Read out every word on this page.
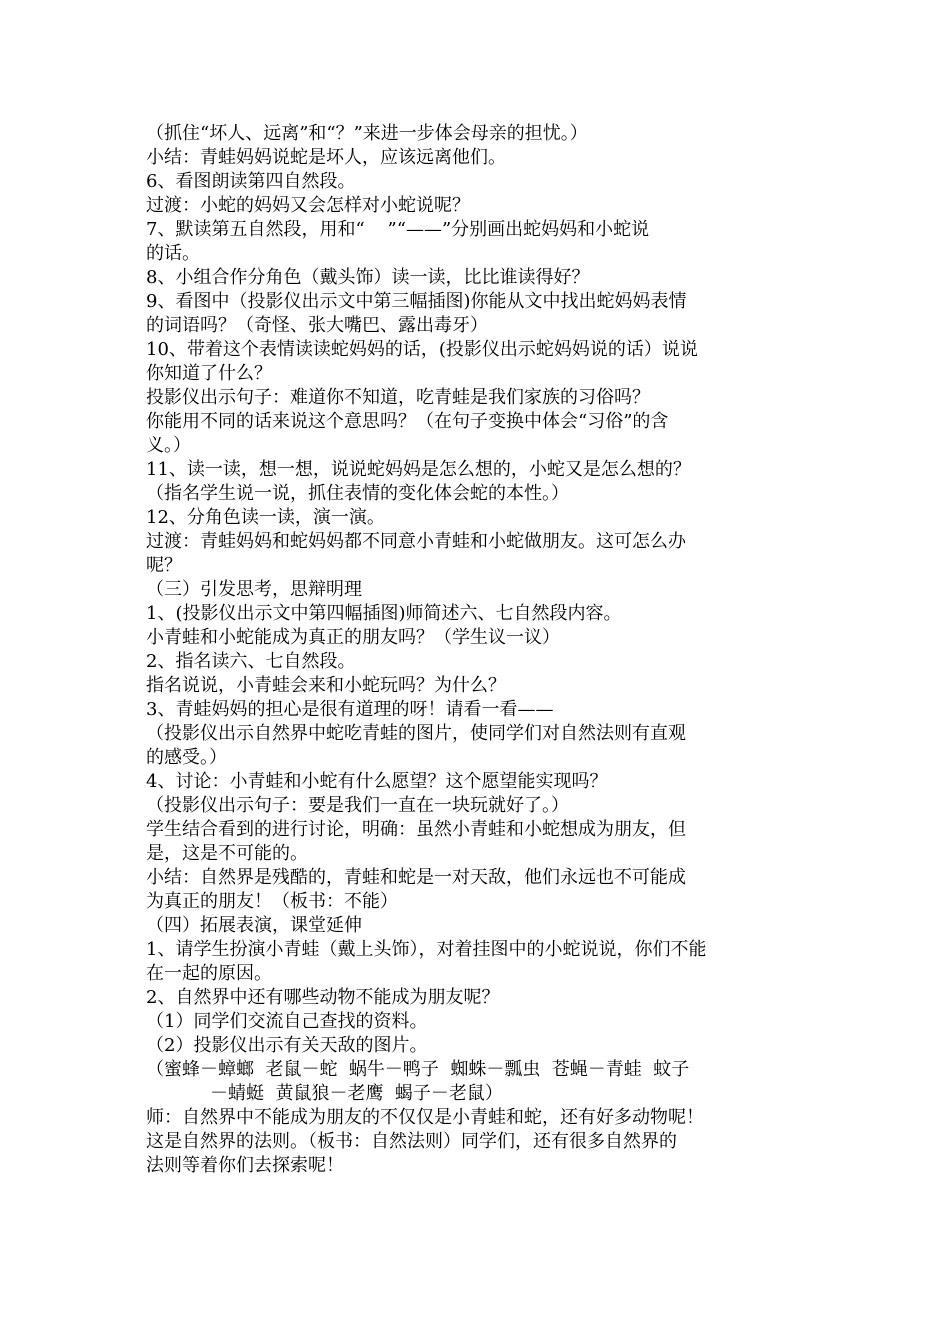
（抓住“坏人、远离”和“？”来进一步体会母亲的担忧。）

小结：青蛙妈妈说蛇是坏人，应该远离他们。

6、看图朗读第四自然段。

过渡：小蛇的妈妈又会怎样对小蛇说呢？

7、默读第五自然段，用和“    ”“——”分别画出蛇妈妈和小蛇说

的话。

8、小组合作分角色（戴头饰）读一读，比比谁读得好？

9、看图中（投影仪出示文中第三幅插图)你能从文中找出蛇妈妈表情

的词语吗？（奇怪、张大嘴巴、露出毒牙）

10、带着这个表情读读蛇妈妈的话，(投影仪出示蛇妈妈说的话）说说

你知道了什么？

投影仪出示句子：难道你不知道，吃青蛙是我们家族的习俗吗？

你能用不同的话来说这个意思吗？（在句子变换中体会“习俗”的含

义。）

11、读一读，想一想，说说蛇妈妈是怎么想的，小蛇又是怎么想的？

（指名学生说一说，抓住表情的变化体会蛇的本性。）

12、分角色读一读，演一演。

过渡：青蛙妈妈和蛇妈妈都不同意小青蛙和小蛇做朋友。这可怎么办

呢？

（三）引发思考，思辩明理

1、(投影仪出示文中第四幅插图)师简述六、七自然段内容。

小青蛙和小蛇能成为真正的朋友吗？（学生议一议）

2、指名读六、七自然段。

指名说说，小青蛙会来和小蛇玩吗？为什么？

3、青蛙妈妈的担心是很有道理的呀！请看一看——

（投影仪出示自然界中蛇吃青蛙的图片，使同学们对自然法则有直观

的感受。）

4、讨论：小青蛙和小蛇有什么愿望？这个愿望能实现吗？

（投影仪出示句子：要是我们一直在一块玩就好了。）

学生结合看到的进行讨论，明确：虽然小青蛙和小蛇想成为朋友，但

是，这是不可能的。

小结：自然界是残酷的，青蛙和蛇是一对天敌，他们永远也不可能成

为真正的朋友！（板书：不能）

（四）拓展表演，课堂延伸

1、请学生扮演小青蛙（戴上头饰），对着挂图中的小蛇说说，你们不能

在一起的原因。

2、自然界中还有哪些动物不能成为朋友呢？

（1）同学们交流自己查找的资料。

（2）投影仪出示有关天敌的图片。

（蜜蜂－蟑螂  老鼠－蛇  蜗牛－鸭子  蜘蛛－瓢虫  苍蝇－青蛙  蚊子

－蜻蜓  黄鼠狼－老鹰  蝎子－老鼠）

师：自然界中不能成为朋友的不仅仅是小青蛙和蛇，还有好多动物呢！

这是自然界的法则。（板书：自然法则）同学们，还有很多自然界的

法则等着你们去探索呢！
